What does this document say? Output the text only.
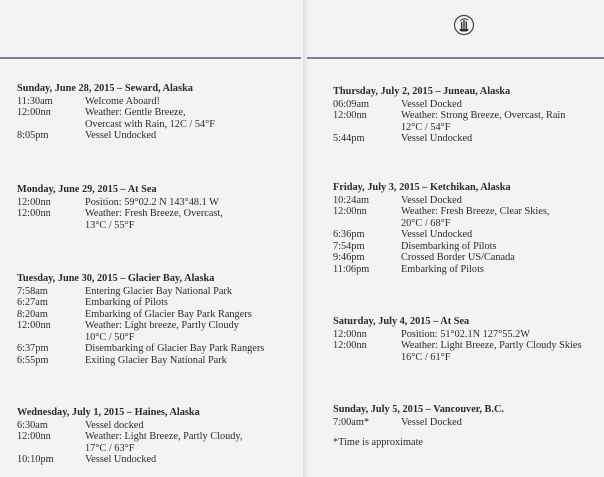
Sunday, June 28, 2015 – Seward, Alaska
11:30am	Welcome Aboard!
12:00nn	Weather: Gentle Breeze,
Overcast with Rain, 12C / 54°F
8:05pm	Vessel Undocked
Monday, June 29, 2015 – At Sea
12:00nn	Position: 59°02.2 N 143°48.1 W
12:00nn	Weather: Fresh Breeze, Overcast,
13°C / 55°F
Tuesday, June 30, 2015 – Glacier Bay, Alaska
7:58am	Entering Glacier Bay National Park
6:27am	Embarking of Pilots
8:20am	Embarking of Glacier Bay Park Rangers
12:00nn	Weather: Light breeze, Partly Cloudy
10°C / 50°F
6:37pm	Disembarking of Glacier Bay Park Rangers
6:55pm	Exiting Glacier Bay National Park
Wednesday, July 1, 2015 – Haines, Alaska
6:30am	Vessel docked
12:00nn	Weather: Light Breeze, Partly Cloudy,
17°C / 63°F
10:10pm	Vessel Undocked
Thursday, July 2, 2015 – Juneau, Alaska
06:09am	Vessel Docked
12:00nn	Weather: Strong Breeze, Overcast, Rain
12°C / 54°F
5:44pm	Vessel Undocked
Friday, July 3, 2015 – Ketchikan, Alaska
10:24am	Vessel Docked
12:00nn	Weather: Fresh Breeze, Clear Skies,
20°C / 68°F
6:36pm	Vessel Undocked
7:54pm	Disembarking of Pilots
9:46pm	Crossed Border US/Canada
11:06pm	Embarking of Pilots
Saturday, July 4, 2015 – At Sea
12:00nn	Position: 51°02.1N 127°55.2W
12:00nn	Weather: Light Breeze, Partly Cloudy Skies
16°C / 61°F
Sunday, July 5, 2015 – Vancouver, B.C.
7:00am*	Vessel Docked
*Time is approximate
